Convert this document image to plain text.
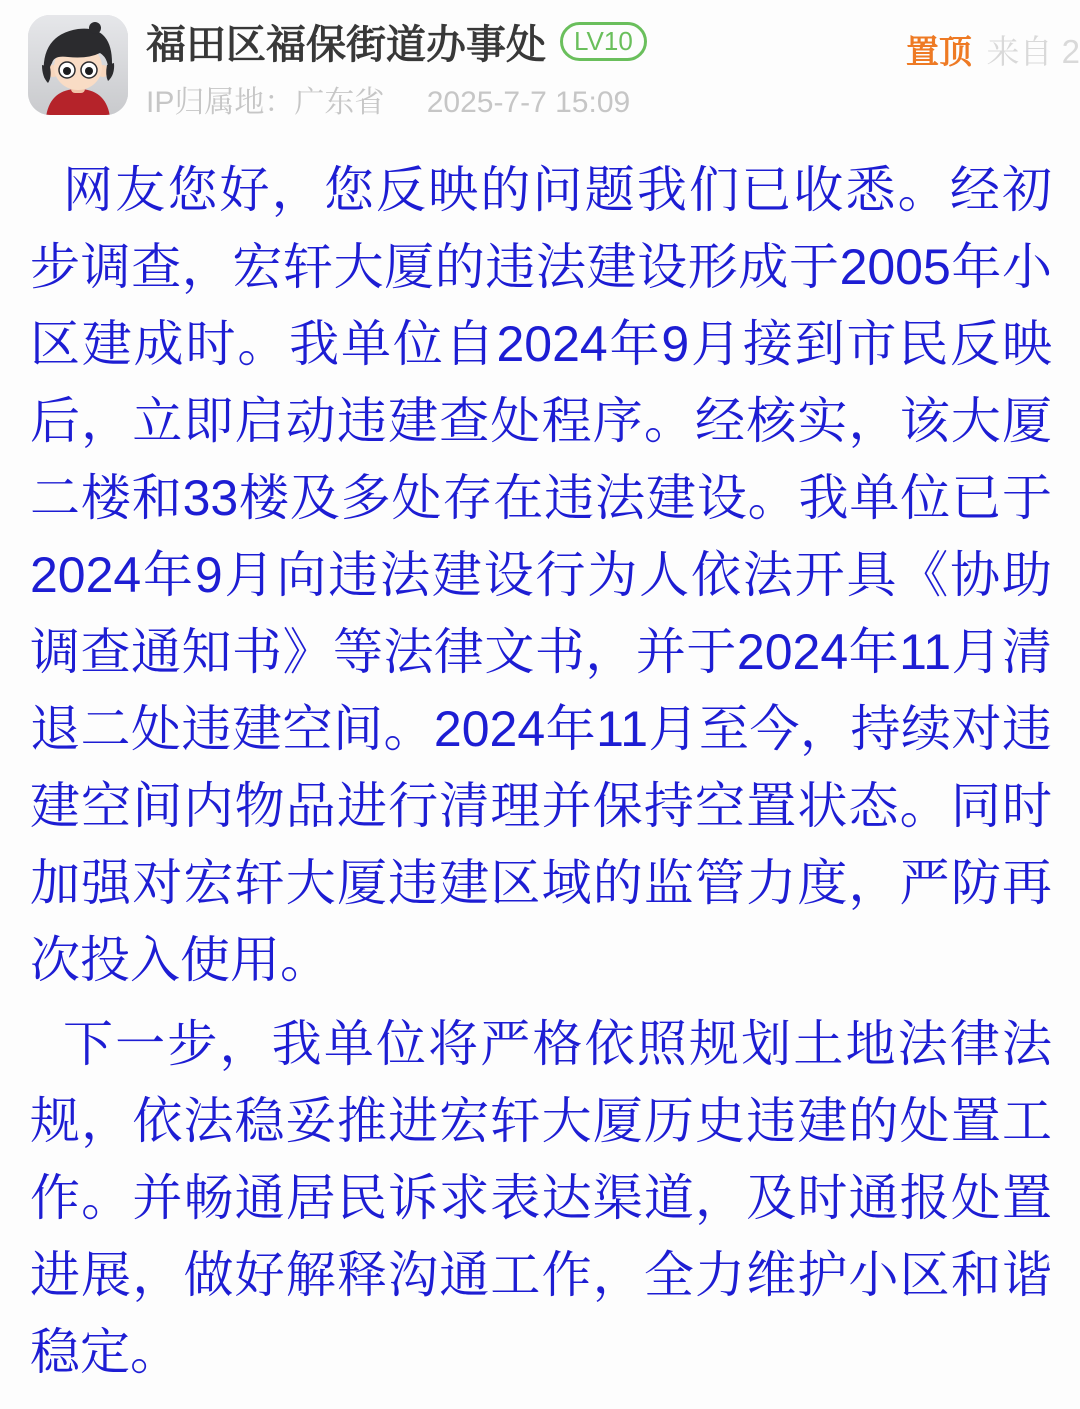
福田区福保街道办事处	LV10
IP归属地：广东省 2025-7-7 15:09
置顶 来自 2

网友您好，您反映的问题我们已收悉。经初步调查，宏轩大厦的违法建设形成于2005年小区建成时。我单位自2024年9月接到市民反映后，立即启动违建查处程序。经核实，该大厦二楼和33楼及多处存在违法建设。我单位已于2024年9月向违法建设行为人依法开具《协助调查通知书》等法律文书，并于2024年11月清退二处违建空间。2024年11月至今，持续对违建空间内物品进行清理并保持空置状态。同时加强对宏轩大厦违建区域的监管力度，严防再次投入使用。

下一步，我单位将严格依照规划土地法律法规，依法稳妥推进宏轩大厦历史违建的处置工作。并畅通居民诉求表达渠道，及时通报处置进展，做好解释沟通工作，全力维护小区和谐稳定。
